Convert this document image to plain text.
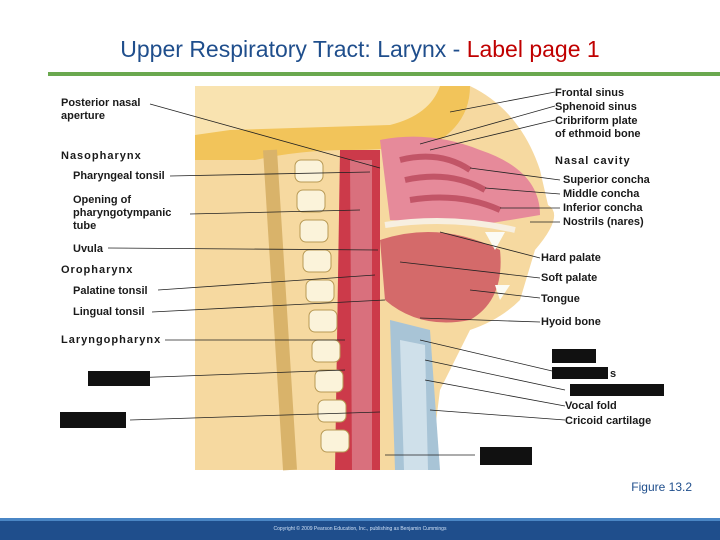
Upper Respiratory Tract: Larynx - Label page 1
Posterior nasal
aperture
Nasopharynx
Pharyngeal tonsil
Opening of
pharyngotympanic
tube
Uvula
Oropharynx
Palatine tonsil
Lingual tonsil
Laryngopharynx
Frontal sinus
Sphenoid sinus
Cribriform plate
of ethmoid bone
Nasal cavity
Superior concha
Middle concha
Inferior concha
Nostrils (nares)
Hard palate
Soft palate
Tongue
Hyoid bone
s
Vocal fold
Cricoid cartilage
Figure 13.2
Copyright © 2009 Pearson Education, Inc., publishing as Benjamin Cummings
